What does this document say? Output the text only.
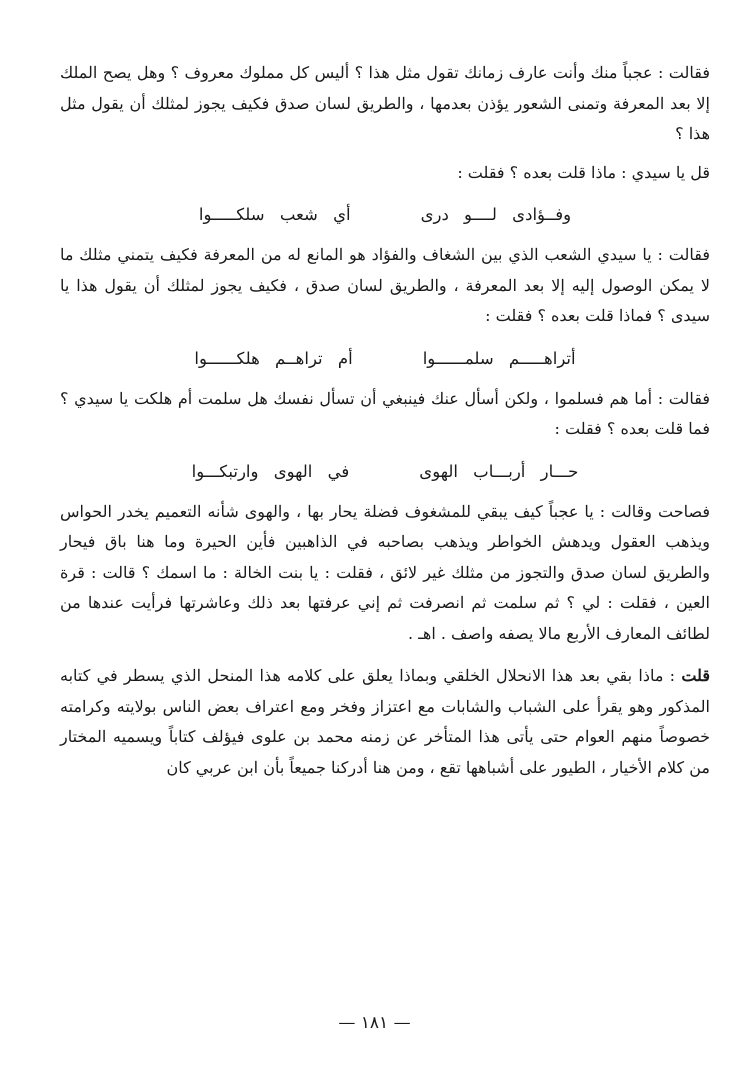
فقالت : عجباً منك وأنت عارف زمانك تقول مثل هذا ؟ أليس كل مملوك معروف ؟ وهل يصح الملك إلا بعد المعرفة وتمنى الشعور يؤذن بعدمها ، والطريق لسان صدق فكيف يجوز لمثلك أن يقول مثل هذا ؟

قل يا سيدي : ماذا قلت بعده ؟ فقلت :

وفــؤادى لــــو درى
أي شعب سلكـــــوا

فقالت : يا سيدي الشعب الذي بين الشغاف والفؤاد هو المانع له من المعرفة فكيف يتمني مثلك ما لا يمكن الوصول إليه إلا بعد المعرفة ، والطريق لسان صدق ، فكيف يجوز لمثلك أن يقول هذا يا سيدى ؟ فماذا قلت بعده ؟ فقلت :

أتراهـــــم سلمــــــوا
أم تراهــم هلكــــــوا

فقالت : أما هم فسلموا ، ولكن أسأل عنك فينبغي أن تسأل نفسك هل سلمت أم هلكت يا سيدي ؟ فما قلت بعده ؟ فقلت :

حـــار أربـــاب الهوى
في الهوى وارتبكـــوا

فصاحت وقالت : يا عجباً كيف يبقي للمشغوف فضلة يحار بها ، والهوى شأنه التعميم يخدر الحواس ويذهب العقول ويدهش الخواطر ويذهب بصاحبه في الذاهبين فأين الحيرة وما هنا باق فيحار والطريق لسان صدق والتجوز من مثلك غير لائق ، فقلت : يا بنت الخالة : ما اسمك ؟ قالت : قرة العين ، فقلت : لي ؟ ثم سلمت ثم انصرفت ثم إني عرفتها بعد ذلك وعاشرتها فرأيت عندها من لطائف المعارف الأربع مالا يصفه واصف . اهـ .

قلت : ماذا بقي بعد هذا الانحلال الخلقي وبماذا يعلق على كلامه هذا المنحل الذي يسطر في كتابه المذكور وهو يقرأ على الشباب والشابات مع اعتزاز وفخر ومع اعتراف بعض الناس بولايته وكرامته خصوصاً منهم العوام حتى يأتى هذا المتأخر عن زمنه محمد بن علوى فيؤلف كتاباً ويسميه المختار من كلام الأخيار ، الطيور على أشباهها تقع ، ومن هنا أدركنا جميعاً بأن ابن عربي كان

— ١٨١ —
